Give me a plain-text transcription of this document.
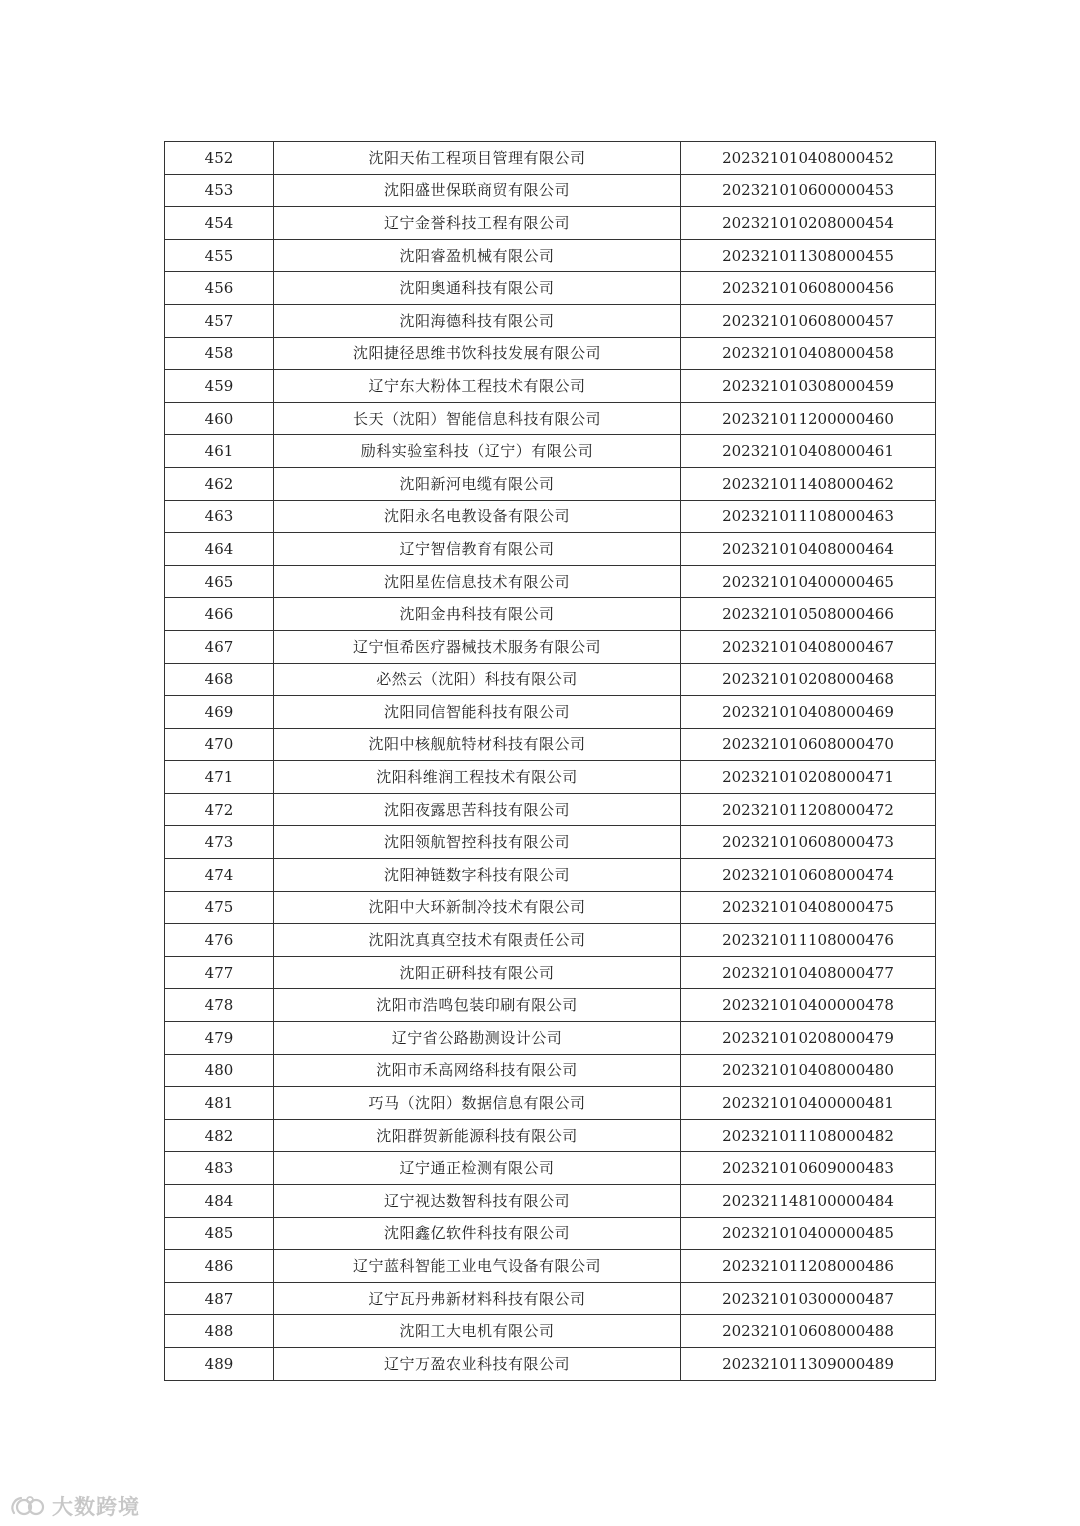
452	沈阳天佑工程项目管理有限公司	202321010408000452
453	沈阳盛世保联商贸有限公司	202321010600000453
454	辽宁金誉科技工程有限公司	202321010208000454
455	沈阳睿盈机械有限公司	202321011308000455
456	沈阳奥通科技有限公司	202321010608000456
457	沈阳海德科技有限公司	202321010608000457
458	沈阳捷径思维书饮科技发展有限公司	202321010408000458
459	辽宁东大粉体工程技术有限公司	202321010308000459
460	长天（沈阳）智能信息科技有限公司	202321011200000460
461	励科实验室科技（辽宁）有限公司	202321010408000461
462	沈阳新河电缆有限公司	202321011408000462
463	沈阳永名电教设备有限公司	202321011108000463
464	辽宁智信教育有限公司	202321010408000464
465	沈阳星佐信息技术有限公司	202321010400000465
466	沈阳金冉科技有限公司	202321010508000466
467	辽宁恒希医疗器械技术服务有限公司	202321010408000467
468	必然云（沈阳）科技有限公司	202321010208000468
469	沈阳同信智能科技有限公司	202321010408000469
470	沈阳中核舰航特材科技有限公司	202321010608000470
471	沈阳科维润工程技术有限公司	202321010208000471
472	沈阳夜露思苦科技有限公司	202321011208000472
473	沈阳领航智控科技有限公司	202321010608000473
474	沈阳神链数字科技有限公司	202321010608000474
475	沈阳中大环新制冷技术有限公司	202321010408000475
476	沈阳沈真真空技术有限责任公司	202321011108000476
477	沈阳正研科技有限公司	202321010408000477
478	沈阳市浩鸣包装印刷有限公司	202321010400000478
479	辽宁省公路勘测设计公司	202321010208000479
480	沈阳市禾高网络科技有限公司	202321010408000480
481	巧马（沈阳）数据信息有限公司	202321010400000481
482	沈阳群贺新能源科技有限公司	202321011108000482
483	辽宁通正检测有限公司	202321010609000483
484	辽宁视达数智科技有限公司	202321148100000484
485	沈阳鑫亿软件科技有限公司	202321010400000485
486	辽宁蓝科智能工业电气设备有限公司	202321011208000486
487	辽宁瓦丹弗新材料科技有限公司	202321010300000487
488	沈阳工大电机有限公司	202321010608000488
489	辽宁万盈农业科技有限公司	202321011309000489
大数跨境
